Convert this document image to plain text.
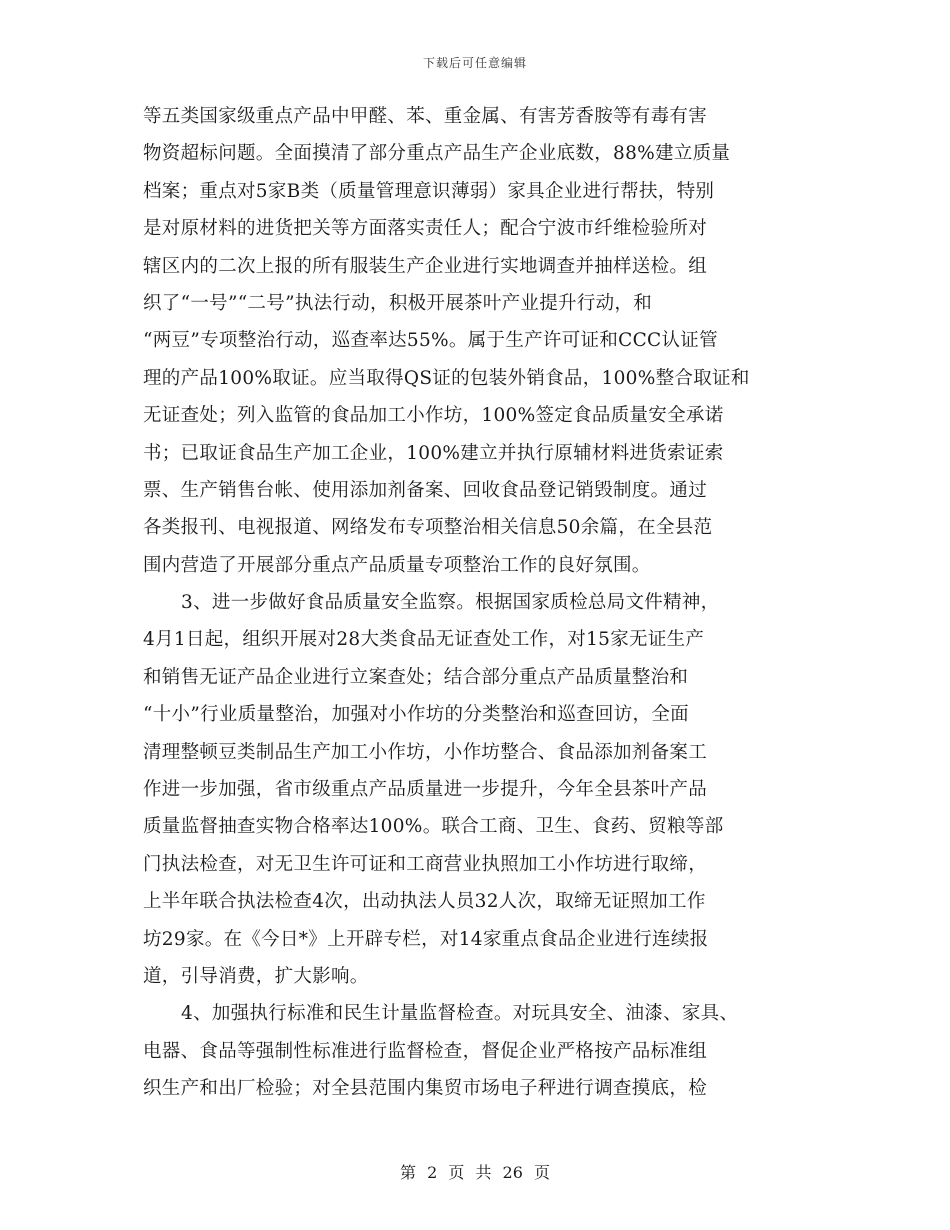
下载后可任意编辑
等五类国家级重点产品中甲醛、苯、重金属、有害芳香胺等有毒有害
物资超标问题。全面摸清了部分重点产品生产企业底数，88%建立质量
档案；重点对5家B类（质量管理意识薄弱）家具企业进行帮扶，特别
是对原材料的进货把关等方面落实责任人；配合宁波市纤维检验所对
辖区内的二次上报的所有服装生产企业进行实地调查并抽样送检。组
织了“一号”“二号”执法行动，积极开展茶叶产业提升行动，和
“两豆”专项整治行动，巡查率达55%。属于生产许可证和CCC认证管
理的产品100%取证。应当取得QS证的包装外销食品，100%整合取证和
无证查处；列入监管的食品加工小作坊，100%签定食品质量安全承诺
书；已取证食品生产加工企业，100%建立并执行原辅材料进货索证索
票、生产销售台帐、使用添加剂备案、回收食品登记销毁制度。通过
各类报刊、电视报道、网络发布专项整治相关信息50余篇，在全县范
围内营造了开展部分重点产品质量专项整治工作的良好氛围。
3、进一步做好食品质量安全监察。根据国家质检总局文件精神，
4月1日起，组织开展对28大类食品无证查处工作，对15家无证生产
和销售无证产品企业进行立案查处；结合部分重点产品质量整治和
“十小”行业质量整治，加强对小作坊的分类整治和巡查回访，全面
清理整顿豆类制品生产加工小作坊，小作坊整合、食品添加剂备案工
作进一步加强，省市级重点产品质量进一步提升，今年全县茶叶产品
质量监督抽查实物合格率达100%。联合工商、卫生、食药、贸粮等部
门执法检查，对无卫生许可证和工商营业执照加工小作坊进行取缔，
上半年联合执法检查4次，出动执法人员32人次，取缔无证照加工作
坊29家。在《今日*》上开辟专栏，对14家重点食品企业进行连续报
道，引导消费，扩大影响。
4、加强执行标准和民生计量监督检查。对玩具安全、油漆、家具、
电器、食品等强制性标准进行监督检查，督促企业严格按产品标准组
织生产和出厂检验；对全县范围内集贸市场电子秤进行调查摸底，检
第 2 页 共 26 页
